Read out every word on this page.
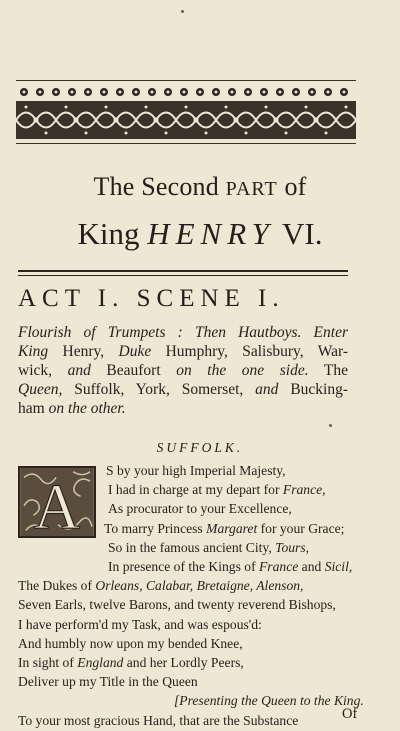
The Second PART of
King HENRY VI.
ACT I. SCENE I.
Flourish of Trumpets : Then Hautboys. Enter
King Henry, Duke Humphry, Salisbury, War-
wick, and Beaufort on the one side. The
Queen, Suffolk, York, Somerset, and Bucking-
ham on the other.
SUFFOLK.
A
S by your high Imperial Majesty,
I had in charge at my depart for France,
As procurator to your Excellence,
To marry Princess Margaret for your Grace;
So in the famous ancient City, Tours,
In presence of the Kings of France and Sicil,
The Dukes of Orleans, Calabar, Bretaigne, Alenson,
Seven Earls, twelve Barons, and twenty reverend Bishops,
I have perform'd my Task, and was espous'd:
And humbly now upon my bended Knee,
In sight of England and her Lordly Peers,
Deliver up my Title in the Queen
[Presenting the Queen to the King.
To your most gracious Hand, that are the Substance	Of
